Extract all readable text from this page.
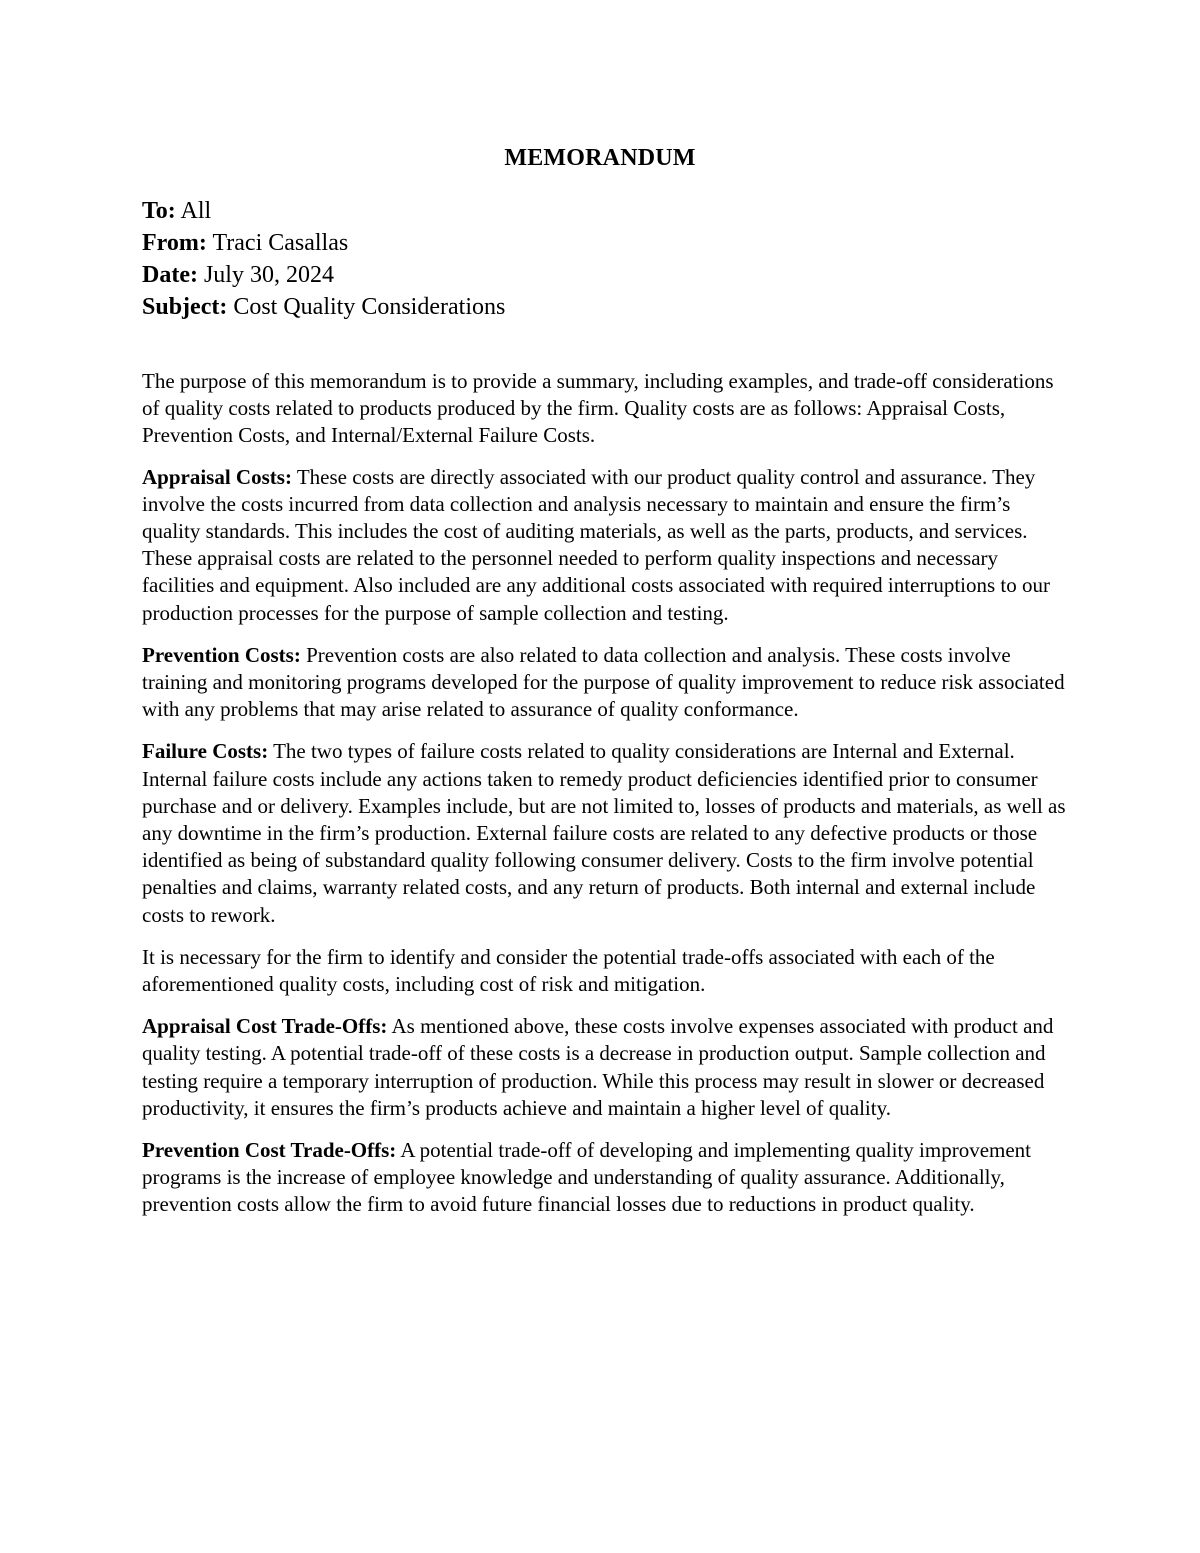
MEMORANDUM
To: All
From: Traci Casallas
Date: July 30, 2024
Subject: Cost Quality Considerations

The purpose of this memorandum is to provide a summary, including examples, and trade-off considerations of quality costs related to products produced by the firm. Quality costs are as follows: Appraisal Costs, Prevention Costs, and Internal/External Failure Costs.

Appraisal Costs: These costs are directly associated with our product quality control and assurance. They involve the costs incurred from data collection and analysis necessary to maintain and ensure the firm’s quality standards. This includes the cost of auditing materials, as well as the parts, products, and services. These appraisal costs are related to the personnel needed to perform quality inspections and necessary facilities and equipment. Also included are any additional costs associated with required interruptions to our production processes for the purpose of sample collection and testing.

Prevention Costs: Prevention costs are also related to data collection and analysis. These costs involve training and monitoring programs developed for the purpose of quality improvement to reduce risk associated with any problems that may arise related to assurance of quality conformance.

Failure Costs: The two types of failure costs related to quality considerations are Internal and External. Internal failure costs include any actions taken to remedy product deficiencies identified prior to consumer purchase and or delivery. Examples include, but are not limited to, losses of products and materials, as well as any downtime in the firm’s production. External failure costs are related to any defective products or those identified as being of substandard quality following consumer delivery. Costs to the firm involve potential penalties and claims, warranty related costs, and any return of products. Both internal and external include costs to rework.

It is necessary for the firm to identify and consider the potential trade-offs associated with each of the aforementioned quality costs, including cost of risk and mitigation.

Appraisal Cost Trade-Offs: As mentioned above, these costs involve expenses associated with product and quality testing. A potential trade-off of these costs is a decrease in production output. Sample collection and testing require a temporary interruption of production. While this process may result in slower or decreased productivity, it ensures the firm’s products achieve and maintain a higher level of quality.

Prevention Cost Trade-Offs: A potential trade-off of developing and implementing quality improvement programs is the increase of employee knowledge and understanding of quality assurance. Additionally, prevention costs allow the firm to avoid future financial losses due to reductions in product quality.
